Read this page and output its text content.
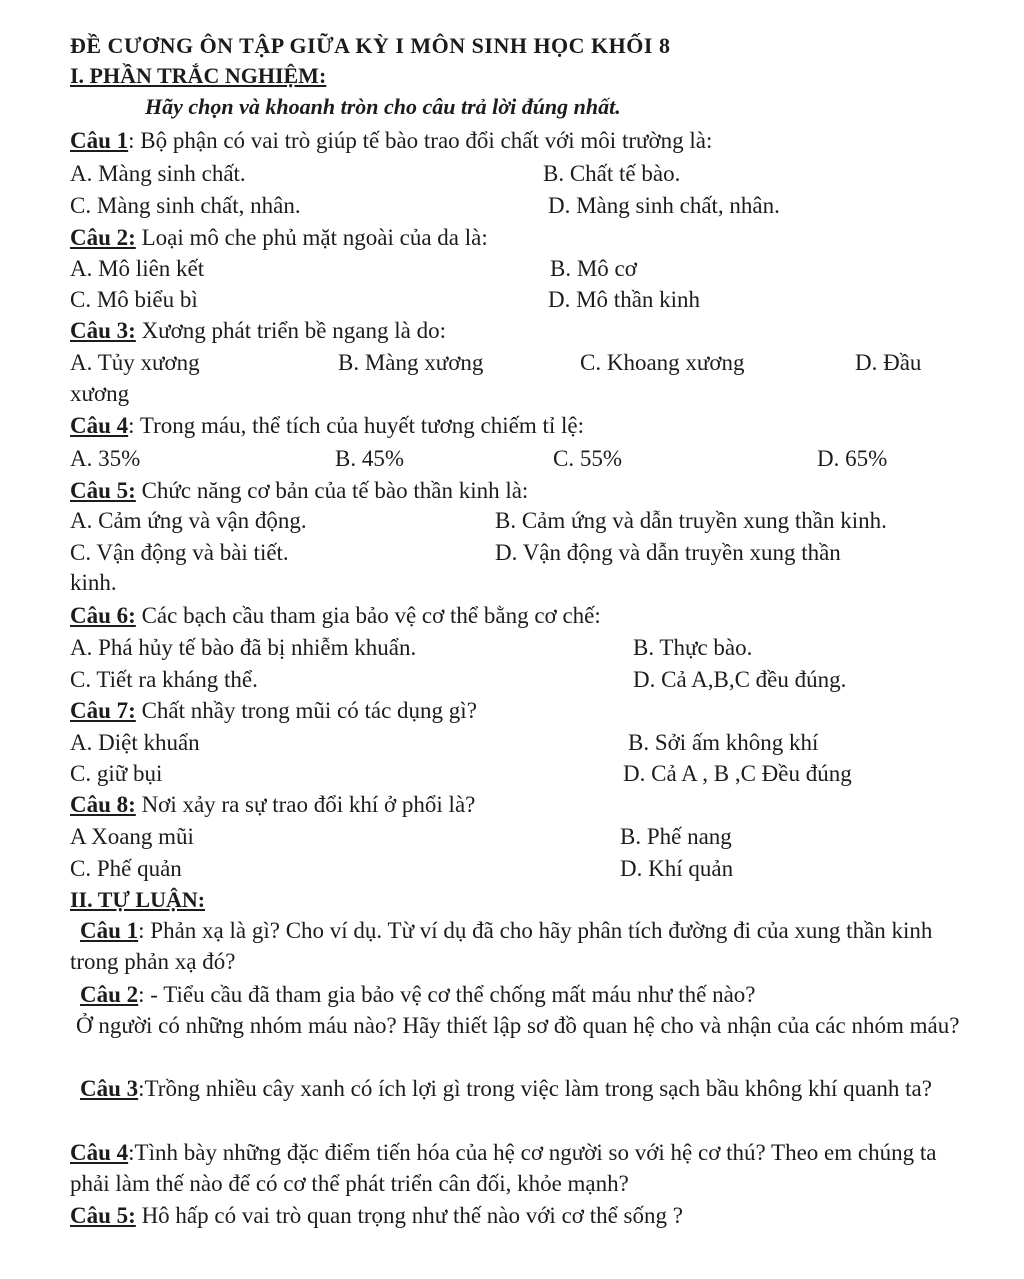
ĐỀ CƯƠNG ÔN TẬP GIỮA KỲ I MÔN SINH HỌC KHỐI 8
I. PHẦN TRẮC NGHIỆM:
Hãy chọn và khoanh tròn cho câu trả lời đúng nhất.
Câu 1: Bộ phận có vai trò giúp tế bào trao đổi chất với môi trường là:
A. Màng sinh chất.	B. Chất tế bào.
C. Màng sinh chất, nhân.	D. Màng sinh chất, nhân.
Câu 2: Loại mô che phủ mặt ngoài của da là:
A. Mô liên kết	B. Mô cơ
C. Mô biểu bì	D. Mô thần kinh
Câu 3: Xương phát triển bề ngang là do:
A. Tủy xương	B. Màng xương	C. Khoang xương	D. Đầu
xương
Câu 4: Trong máu, thể tích của huyết tương chiếm tỉ lệ:
A. 35%	B. 45%	C. 55%	D. 65%
Câu 5: Chức năng cơ bản của tế bào thần kinh là:
A. Cảm ứng và vận động.	B. Cảm ứng và dẫn truyền xung thần kinh.
C. Vận động và bài tiết.	D. Vận động và dẫn truyền xung thần
kinh.
Câu 6: Các bạch cầu tham gia bảo vệ cơ thể bằng cơ chế:
A. Phá hủy tế bào đã bị nhiễm khuẩn.	B. Thực bào.
C. Tiết ra kháng thể.	D. Cả A,B,C đều đúng.
Câu 7: Chất nhầy trong mũi có tác dụng gì?
A. Diệt khuẩn	B. Sởi ấm không khí
C. giữ bụi	D. Cả A , B ,C Đều đúng
Câu 8: Nơi xảy ra sự trao đổi khí ở phổi là?
A Xoang mũi	B. Phế nang
C. Phế quản	D. Khí quản
II. TỰ LUẬN:
Câu 1: Phản xạ là gì? Cho ví dụ. Từ ví dụ đã cho hãy phân tích đường đi của xung thần kinh trong phản xạ đó?
Câu 2: - Tiểu cầu đã tham gia bảo vệ cơ thể chống mất máu như thế nào?
Ở người có những nhóm máu nào? Hãy thiết lập sơ đồ quan hệ cho và nhận của các nhóm máu?
Câu 3:Trồng nhiều cây xanh có ích lợi gì trong việc làm trong sạch bầu không khí quanh ta?
Câu 4:Tình bày những đặc điểm tiến hóa của hệ cơ người so với hệ cơ thú? Theo em chúng ta phải làm thế nào để có cơ thể phát triển cân đối, khỏe mạnh?
Câu 5: Hô hấp có vai trò quan trọng như thế nào với cơ thể sống ?
